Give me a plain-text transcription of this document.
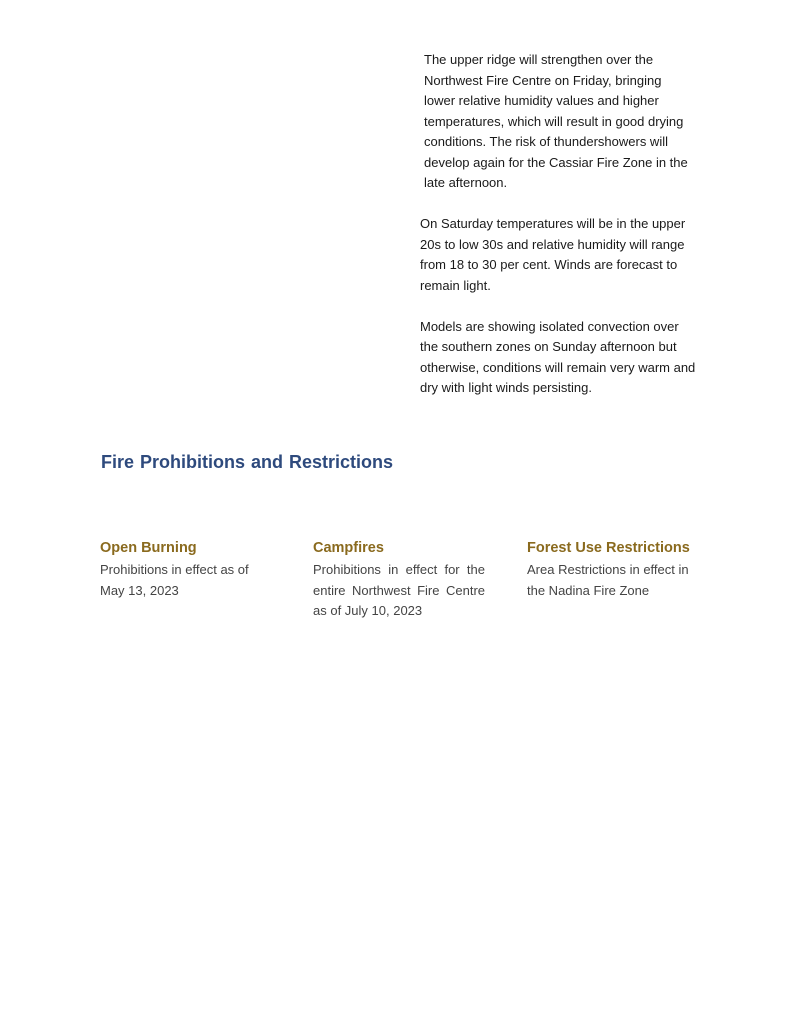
The upper ridge will strengthen over the Northwest Fire Centre on Friday, bringing lower relative humidity values and higher temperatures, which will result in good drying conditions. The risk of thundershowers will develop again for the Cassiar Fire Zone in the late afternoon.

On Saturday temperatures will be in the upper 20s to low 30s and relative humidity will range from 18 to 30 per cent. Winds are forecast to remain light.

Models are showing isolated convection over the southern zones on Sunday afternoon but otherwise, conditions will remain very warm and dry with light winds persisting.

Fire Prohibitions and Restrictions
Open Burning

Prohibitions in effect as of May 13, 2023

Campfires

Prohibitions in effect for the entire Northwest Fire Centre as of July 10, 2023

Forest Use Restrictions

Area Restrictions in effect in the Nadina Fire Zone
